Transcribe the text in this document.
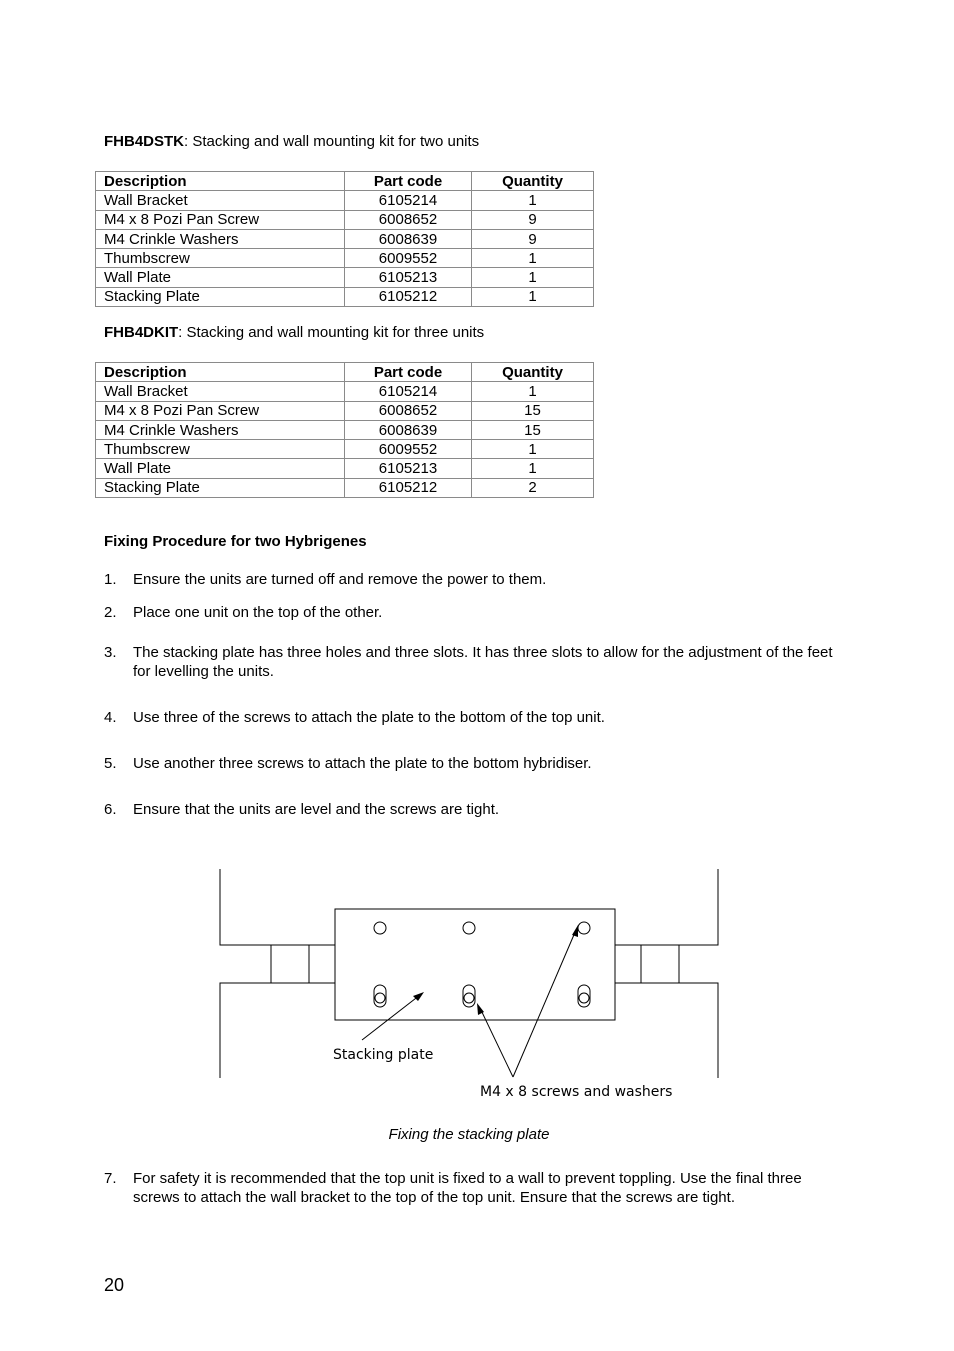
FHB4DSTK: Stacking and wall mounting kit for two units
Description	Part code	Quantity
Wall Bracket	6105214	1
M4 x 8 Pozi Pan Screw	6008652	9
M4 Crinkle Washers	6008639	9
Thumbscrew	6009552	1
Wall Plate	6105213	1
Stacking Plate	6105212	1
FHB4DKIT: Stacking and wall mounting kit for three units
Description	Part code	Quantity
Wall Bracket	6105214	1
M4 x 8 Pozi Pan Screw	6008652	15
M4 Crinkle Washers	6008639	15
Thumbscrew	6009552	1
Wall Plate	6105213	1
Stacking Plate	6105212	2
Fixing Procedure for two Hybrigenes
1. Ensure the units are turned off and remove the power to them.
2. Place one unit on the top of the other.
3. The stacking plate has three holes and three slots. It has three slots to allow for the adjustment of the feet for levelling the units.
4. Use three of the screws to attach the plate to the bottom of the top unit.
5. Use another three screws to attach the plate to the bottom hybridiser.
6. Ensure that the units are level and the screws are tight.
Stacking plate
M4 x 8 screws and washers
Fixing the stacking plate
7. For safety it is recommended that the top unit is fixed to a wall to prevent toppling. Use the final three screws to attach the wall bracket to the top of the top unit. Ensure that the screws are tight.
20
